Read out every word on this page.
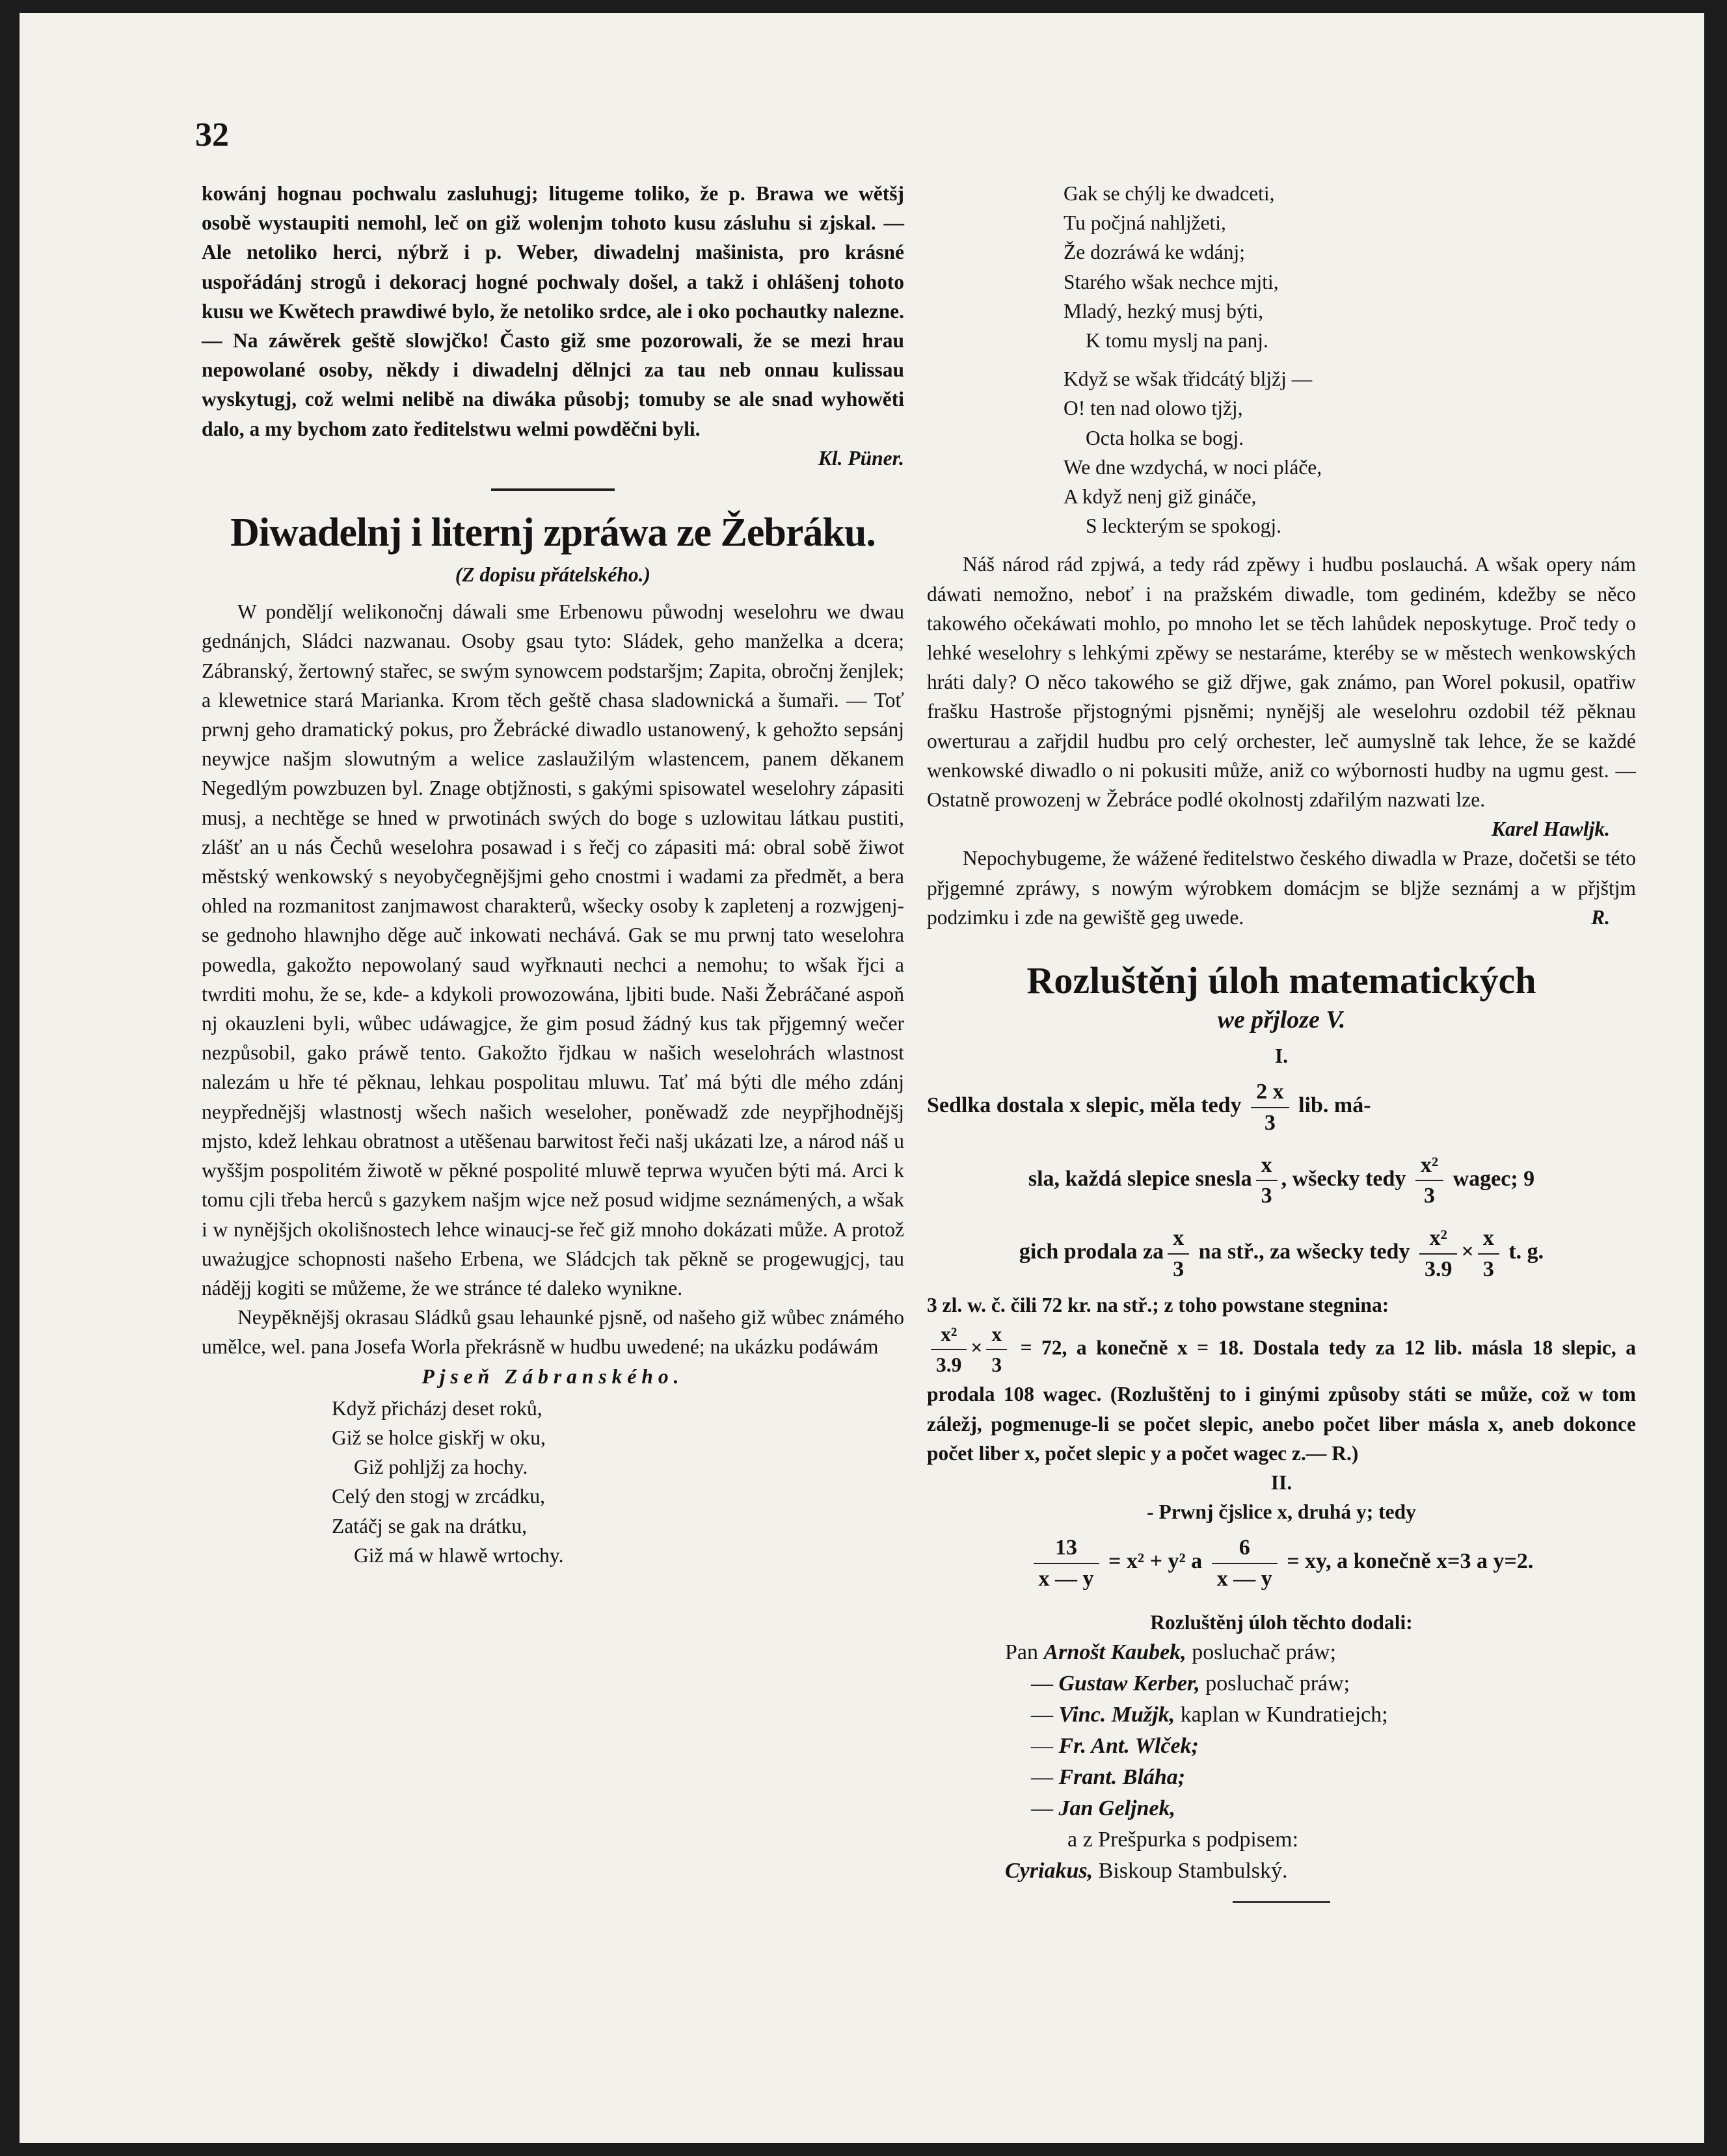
32

kowánj hognau pochwalu zasluhugj; litugeme toliko, že p. Brawa we wětšj osobě wystaupiti nemohl, leč on giž wolenjm tohoto kusu zásluhu si zjskal. — Ale netoliko herci, nýbrž i p. Weber, diwadelnj mašinista, pro krásné uspořádánj strogů i dekoracj hogné pochwaly došel, a takž i ohlášenj tohoto kusu we Kwětech prawdiwé bylo, že netoliko srdce, ale i oko pochautky nalezne. — Na záwěrek geště slowjčko! Často giž sme pozorowali, že se mezi hrau nepowolané osoby, někdy i diwadelnj dělnjci za tau neb onnau kulissau wyskytugj, což welmi nelibě na diwáka působj; tomuby se ale snad wyhowěti dalo, a my bychom zato ředitelstwu welmi powděčni byli.

Kl. Püner.

Diwadelnj i liternj zpráwa ze Žebráku.

(Z dopisu přátelského.)

W ponděljí welikonočnj dáwali sme Erbenowu půwodnj weselohru we dwau gednánjch, Sládci nazwanau. Osoby gsau tyto: Sládek, geho manželka a dcera; Zábranský, žertowný stařec, se swým synowcem podstaršjm; Zapita, obročnj ženjlek; a klewetnice stará Marianka. Krom těch geště chasa sladownická a šumaři. — Toť prwnj geho dramatický pokus, pro Žebrácké diwadlo ustanowený, k gehožto sepsánj neywjce našjm slowutným a welice zaslaužilým wlastencem, panem děkanem Negedlým powzbuzen byl. Znage obtjžnosti, s gakými spisowatel weselohry zápasiti musj, a nechtěge se hned w prwotinách swých do boge s uzlowitau látkau pustiti, zlášť an u nás Čechů weselohra posawad i s řečj co zápasiti má: obral sobě žiwot městský wenkowský s neyobyčegnějšjmi geho cnostmi i wadami za předmět, a bera ohled na rozmanitost zanjmawost charakterů, wšecky osoby k zapletenj a rozwjgenj-se gednoho hlawnjho děge auč inkowati nechává. Gak se mu prwnj tato weselohra powedla, gakožto nepowolaný saud wyřknauti nechci a nemohu; to wšak řjci a twrditi mohu, že se, kde- a kdykoli prowozowána, ljbiti bude. Naši Žebráčané aspoň nj okauzleni byli, wůbec udáwagjce, že gim posud žádný kus tak přjgemný wečer nezpůsobil, gako práwě tento. Gakožto řjdkau w našich weselohrách wlastnost nalezám u hře té pěknau, lehkau pospolitau mluwu. Tať má býti dle mého zdánj neypřednějšj wlastnostj wšech našich weseloher, poněwadž zde neypřjhodnějšj mjsto, kdež lehkau obratnost a utěšenau barwitost řeči našj ukázati lze, a národ náš u wyššjm pospolitém žiwotě w pěkné pospolité mluwě teprwa wyučen býti má. Arci k tomu cjli třeba herců s gazykem našjm wjce než posud widjme seznámených, a wšak i w nynějšjch okolišnostech lehce winaucj-se řeč giž mnoho dokázati může. A protož uważugjce schopnosti našeho Erbena, we Sládcjch tak pěkně se progewugjcj, tau nádějj kogiti se můžeme, že we stránce té daleko wynikne.

Neypěknějšj okrasau Sládků gsau lehaunké pjsně, od našeho giž wůbec známého umělce, wel. pana Josefa Worla překrásně w hudbu uwedené; na ukázku podáwám

Pjseň Zábranského.

Když přicházj deset roků,
Giž se holce giskřj w oku,
Giž pohljžj za hochy.
Celý den stogj w zrcádku,
Zatáčj se gak na drátku,
Giž má w hlawě wrtochy.
Gak se chýlj ke dwadceti,
Tu počjná nahljžeti,
Že dozráwá ke wdánj;
Starého wšak nechce mjti,
Mladý, hezký musj býti,
K tomu myslj na panj.
Když se wšak třidcátý bljžj —
O! ten nad olowo tjžj,
Octa holka se bogj.
We dne wzdychá, w noci pláče,
A když nenj giž gináče,
S leckterým se spokogj.

Náš národ rád zpjwá, a tedy rád zpěwy i hudbu poslauchá. A wšak opery nám dáwati nemožno, neboť i na pražském diwadle, tom gediném, kdežby se něco takowého očekáwati mohlo, po mnoho let se těch lahůdek neposkytuge. Proč tedy o lehké weselohry s lehkými zpěwy se nestaráme, kteréby se w městech wenkowských hráti daly? O něco takowého se giž dřjwe, gak známo, pan Worel pokusil, opatřiw frašku Hastroše přjstognými pjsněmi; nynějšj ale weselohru ozdobil též pěknau owerturau a zařjdil hudbu pro celý orchester, leč aumyslně tak lehce, že se každé wenkowské diwadlo o ni pokusiti může, aniž co wýbornosti hudby na ugmu gest. — Ostatně prowozenj w Žebráce podlé okolnostj zdařilým nazwati lze.

Karel Hawljk.

Nepochybugeme, že wážené ředitelstwo českého diwadla w Praze, dočetši se této přjgemné zpráwy, s nowým wýrobkem domácjm se bljže seznámj a w přjštjm podzimku i zde na gewiště geg uwede.	R.

Rozluštěnj úloh matematických

we přjloze V.

I.

Sedlka dostala x slepic, měla tedy $\frac{2 x}{3}$ lib. má-
sla, každá slepice snesla $\frac{x}{3}$ , wšecky tedy $\frac{\text{x²}}{3}$ wagec; 9
gich prodala za $\frac{x}{3}$ na stř., za wšecky tedy $\frac{\text{x²}}{3.9} \times \frac{x}{3} t$. g.

3 zl. w. č. čili 72 kr. na stř.; z toho powstane stegnina:

$\frac{\text{x²}}{3.9} \times \frac{x}{3} = 72$, a konečně x = 18. Dostala tedy za 12 lib. másla 18 slepic, a prodala 108 wagec. (Rozluštěnj to i ginými způsoby státi se může, což w tom záležj, pogmenuge-li se počet slepic, anebo počet liber másla x, aneb dokonce počet liber x, počet slepic y a počet wagec z.— R.)

II.

- Prwnj čjslice x, druhá y; tedy

$\frac{13}{x — y} = x^2 + y^2$ a $\frac{6}{x — y}$ = xy, a konečně x=3 a y=2.

Rozluštěnj úloh těchto dodali:

Pan Arnošt Kaubek, posluchač práw;
— Gustaw Kerber, posluchač práw;
— Vinc. Mužjk, kaplan w Kundratiejch;
— Fr. Ant. Wlček;
— Frant. Bláha;
— Jan Geljnek,
a z Prešpurka s podpisem:
Cyriakus, Biskoup Stambulský.
